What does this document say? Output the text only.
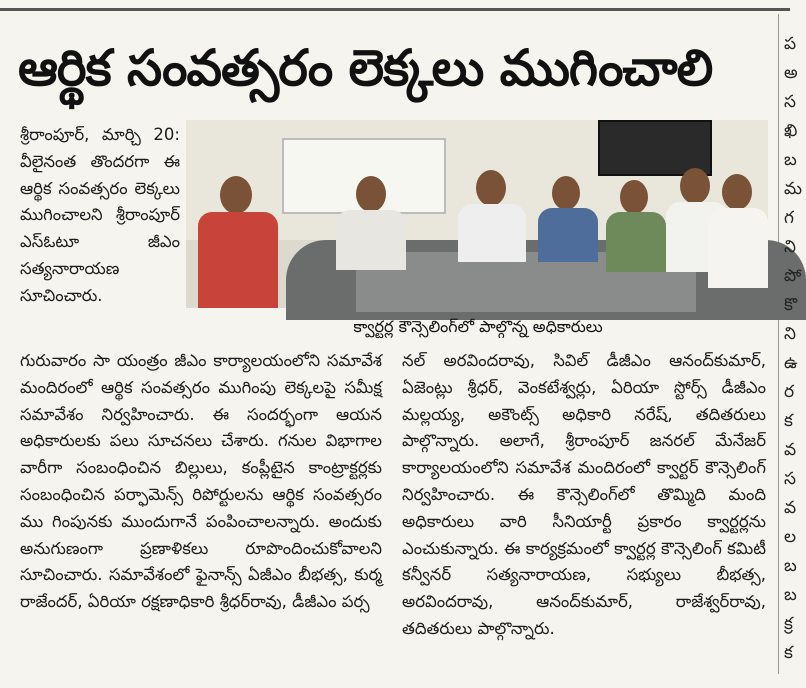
ఆర్థిక సంవత్సరం లెక్కలు ముగించాలి
శ్రీరాంపూర్, మార్చి 20: వీలైనంత తొందరగా ఈ ఆర్థిక సంవత్సరం లెక్కలు ముగించాలని శ్రీరాంపూర్ ఎస్ఓటూ జీఎం సత్యనారాయణ సూచించారు.
క్వార్టర్ల కౌన్సెలింగ్‌లో పాల్గొన్న అధికారులు
గురువారం సా యంత్రం జీఎం కార్యాలయంలోని సమావేశ మందిరంలో ఆర్థిక సంవత్సరం ముగింపు లెక్కలపై సమీక్ష సమావేశం నిర్వహించారు. ఈ సందర్భంగా ఆయన అధికారులకు పలు సూచనలు చేశారు. గనుల విభాగాల వారీగా సంబంధించిన బిల్లులు, కంప్లీటైన కాంట్రాక్టర్లకు సంబంధించిన పర్ఫామెన్స్ రిపోర్టులను ఆర్థిక సంవత్సరం ము గింపునకు ముందుగానే పంపించాలన్నారు. అందుకు అనుగుణంగా ప్రణాళికలు రూపొందించుకోవాలని సూచించారు. సమావేశంలో ఫైనాన్స్ ఏజీఎం బీభత్స, కుర్మ రాజేందర్, ఏరియా రక్షణాధికారి శ్రీధర్‌రావు, డీజీఎం పర్స
నల్ అరవిందరావు, సివిల్ డీజీఎం ఆనంద్‌కుమార్, ఏజెంట్లు శ్రీధర్, వెంకటేశ్వర్లు, ఏరియా స్టోర్స్ డీజీఎం మల్లయ్య, అకౌంట్స్ అధికారి నరేష్, తదితరులు పాల్గొన్నారు. అలాగే, శ్రీరాంపూర్ జనరల్ మేనేజర్ కార్యాలయంలోని సమావేశ మందిరంలో క్వార్టర్ కౌన్సెలింగ్ నిర్వహించారు. ఈ కౌన్సెలింగ్‌లో తొమ్మిది మంది అధికారులు వారి సీనియార్టీ ప్రకారం క్వార్టర్లను ఎంచుకున్నారు. ఈ కార్యక్రమంలో క్వార్టర్ల కౌన్సెలింగ్ కమిటీ కన్వీనర్ సత్యనారాయణ, సభ్యులు బీభత్స, అరవిందరావు, ఆనంద్‌కుమార్, రాజేశ్వర్‌రావు, తదితరులు పాల్గొన్నారు.
ప
అ
స
ఖి
బ
మ
గ
ని
పో
కొ
ని
ఉ
ర
క
వ
స
వ
ల
బ
బ
క్ర
క
